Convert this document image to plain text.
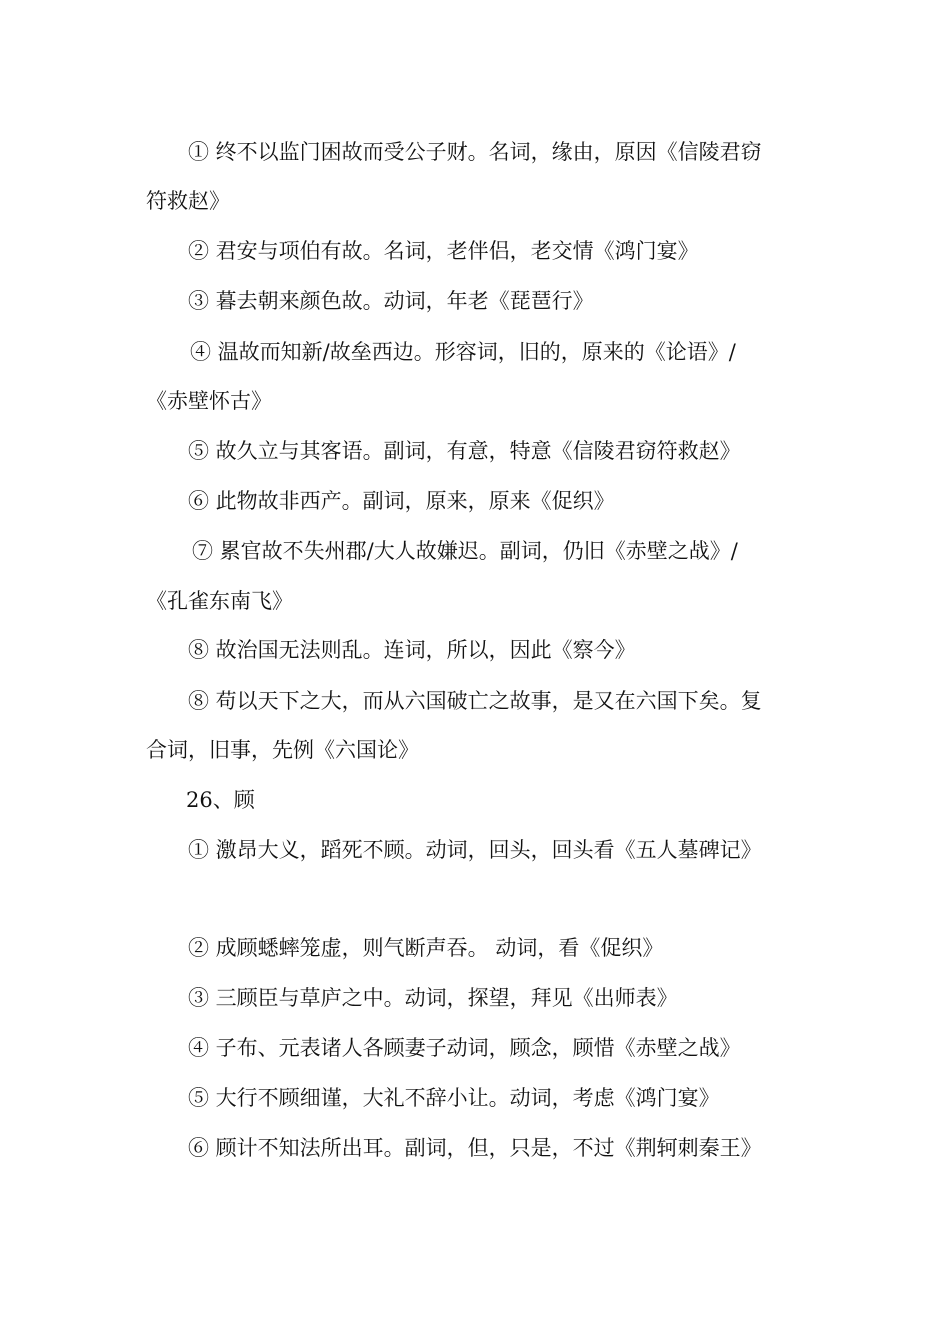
① 终不以监门困故而受公子财。名词，缘由，原因《信陵君窃
符救赵》
② 君安与项伯有故。名词，老伴侣，老交情《鸿门宴》
③ 暮去朝来颜色故。动词，年老《琵琶行》
④ 温故而知新/故垒西边。形容词，旧的，原来的《论语》/
《赤壁怀古》
⑤ 故久立与其客语。副词，有意，特意《信陵君窃符救赵》
⑥ 此物故非西产。副词，原来，原来《促织》
⑦ 累官故不失州郡/大人故嫌迟。副词，仍旧《赤壁之战》/
《孔雀东南飞》
⑧ 故治国无法则乱。连词，所以，因此《察今》
⑧ 苟以天下之大，而从六国破亡之故事，是又在六国下矣。复
合词，旧事，先例《六国论》
26、顾
① 激昂大义，蹈死不顾。动词，回头，回头看《五人墓碑记》
② 成顾蟋蟀笼虚，则气断声吞。 动词，看《促织》
③ 三顾臣与草庐之中。动词，探望，拜见《出师表》
④ 子布、元表诸人各顾妻子动词，顾念，顾惜《赤壁之战》
⑤ 大行不顾细谨，大礼不辞小让。动词，考虑《鸿门宴》
⑥ 顾计不知法所出耳。副词，但，只是，不过《荆轲刺秦王》
